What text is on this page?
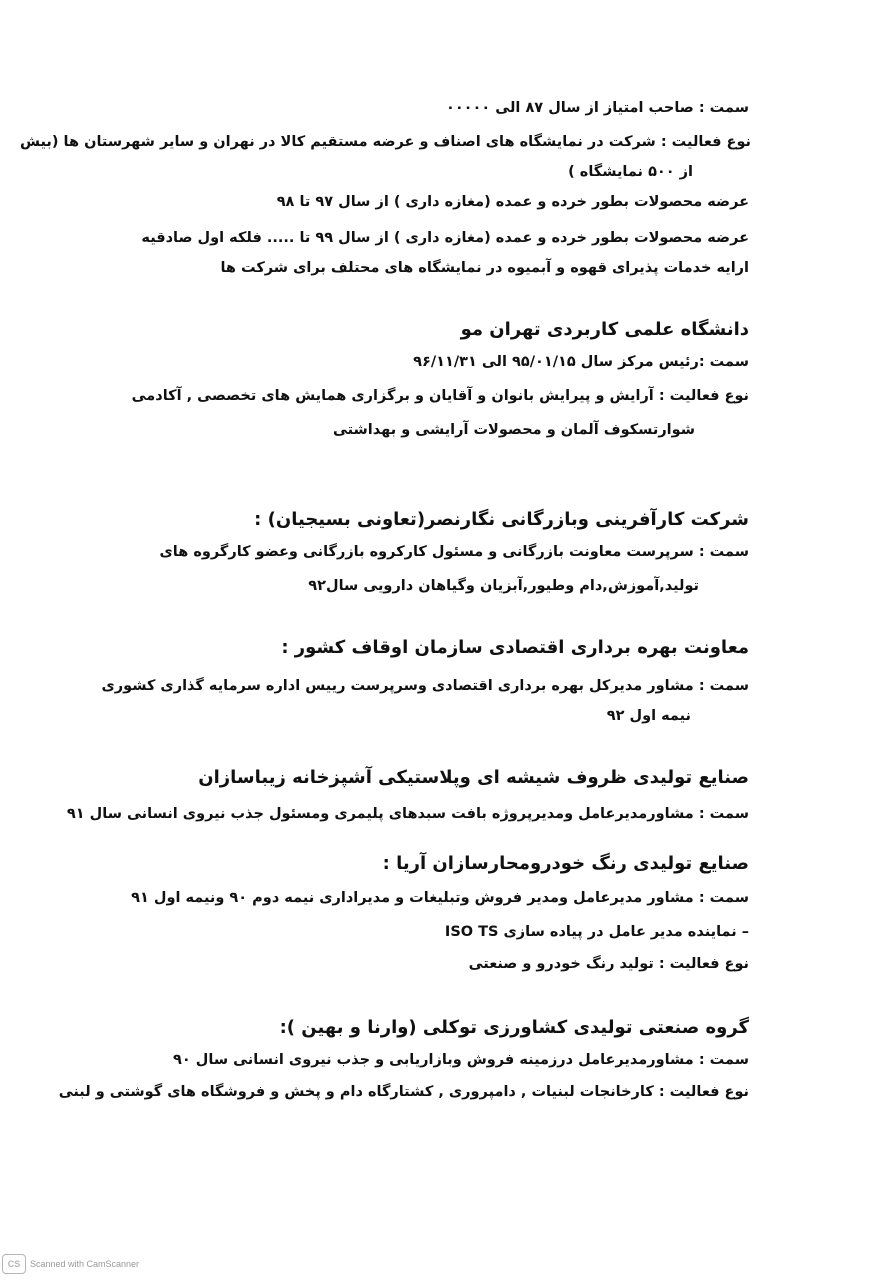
سمت : صاحب امتیاز از سال ۸۷ الی ۰۰۰۰۰
نوع فعالیت : شرکت در نمایشگاه های اصناف و عرضه مستقیم کالا در نهران و سایر شهرستان ها (بیش
از ۵۰۰ نمایشگاه )
عرضه محصولات بطور خرده و عمده (مغازه داری ) از سال ۹۷ تا ۹۸
عرضه محصولات بطور خرده و عمده (مغازه داری ) از سال ۹۹ تا ..... فلکه اول صادقیه
ارایه خدمات پذیرای قهوه و آبمیوه در نمایشگاه های محتلف برای شرکت ها
دانشگاه علمی کاربردی تهران مو
سمت :رئیس مرکز سال ۹۵/۰۱/۱۵ الی ۹۶/۱۱/۳۱
نوع فعالیت : آرایش و پیرایش بانوان و آقایان و برگزاری همایش های تخصصی , آکادمی
شوارتسکوف آلمان و محصولات آرایشی و بهداشتی
شرکت کارآفرینی وبازرگانی نگارنصر(تعاونی بسیجیان) :
سمت : سرپرست معاونت بازرگانی و مسئول کارکروه بازرگانی وعضو کارگروه های
تولید,آموزش,دام وطیور,آبزیان وگیاهان دارویی سال۹۲
معاونت بهره برداری اقتصادی سازمان اوقاف کشور :
سمت : مشاور مدیرکل بهره برداری اقتصادی وسرپرست رییس اداره سرمایه گذاری کشوری
نیمه اول ۹۲
صنایع تولیدی ظروف شیشه ای وپلاستیکی آشپزخانه زیباسازان
سمت : مشاورمدیرعامل ومدیرپروژه بافت سبدهای پلیمری ومسئول جذب نیروی انسانی سال ۹۱
صنایع تولیدی رنگ خودرومحارسازان آریا :
سمت : مشاور مدیرعامل ومدیر فروش وتبلیغات و مدیراداری نیمه دوم ۹۰ ونیمه اول ۹۱
– نماینده مدیر عامل در پیاده سازی ISO TS
نوع فعالیت : تولید رنگ خودرو و صنعتی
گروه صنعتی تولیدی کشاورزی توکلی (وارنا و بهین ):
سمت : مشاورمدیرعامل درزمینه فروش وبازاریابی و جذب نیروی انسانی سال ۹۰
نوع فعالیت : کارخانجات لبنیات , دامپروری , کشتارگاه دام و پخش و فروشگاه های گوشتی و لبنی
CS	Scanned with CamScanner
